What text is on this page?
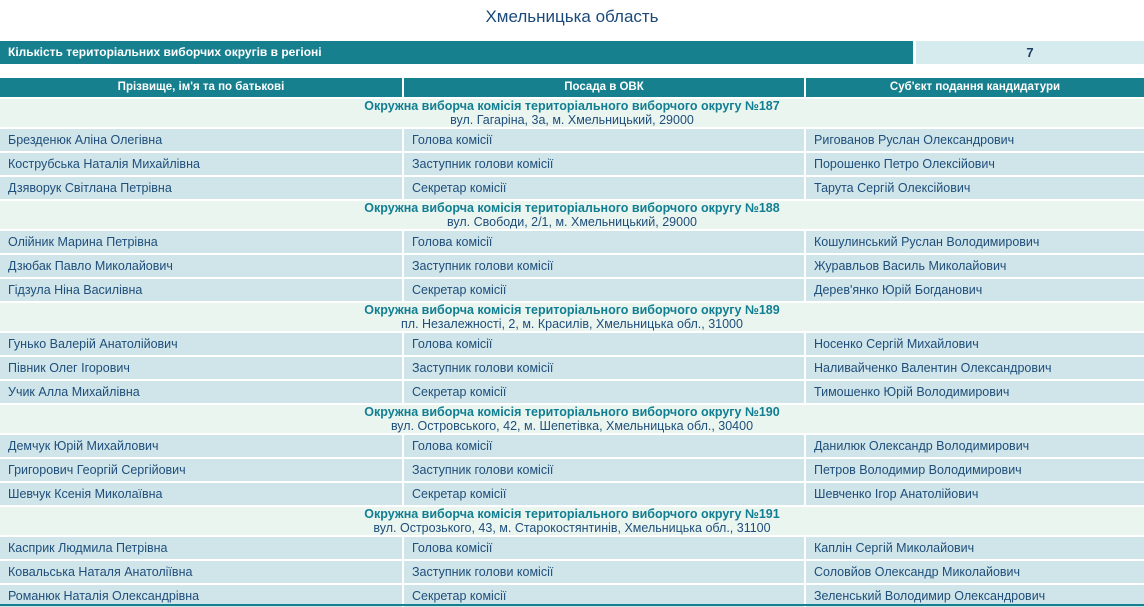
Хмельницька область
Кількість територіальних виборчих округів в регіоні	7
Прізвище, ім'я та по батькові	Посада в ОВК	Суб'єкт подання кандидатури
Окружна виборча комісія територіального виборчого округу №187
вул. Гагаріна, 3а, м. Хмельницький, 29000
Брезденюк Аліна Олегівна	Голова комісії	Ригованов Руслан Олександрович
Кострубська Наталія Михайлівна	Заступник голови комісії	Порошенко Петро Олексійович
Дзяворук Світлана Петрівна	Секретар комісії	Тарута Сергій Олексійович
Окружна виборча комісія територіального виборчого округу №188
вул. Свободи, 2/1, м. Хмельницький, 29000
Олійник Марина Петрівна	Голова комісії	Кошулинський Руслан Володимирович
Дзюбак Павло Миколайович	Заступник голови комісії	Журавльов Василь Миколайович
Гідзула Ніна Василівна	Секретар комісії	Дерев'янко Юрій Богданович
Окружна виборча комісія територіального виборчого округу №189
пл. Незалежності, 2, м. Красилів, Хмельницька обл., 31000
Гунько Валерій Анатолійович	Голова комісії	Носенко Сергій Михайлович
Півник Олег Ігорович	Заступник голови комісії	Наливайченко Валентин Олександрович
Учик Алла Михайлівна	Секретар комісії	Тимошенко Юрій Володимирович
Окружна виборча комісія територіального виборчого округу №190
вул. Островського, 42, м. Шепетівка, Хмельницька обл., 30400
Демчук Юрій Михайлович	Голова комісії	Данилюк Олександр Володимирович
Григорович Георгій Сергійович	Заступник голови комісії	Петров Володимир Володимирович
Шевчук Ксенія Миколаївна	Секретар комісії	Шевченко Ігор Анатолійович
Окружна виборча комісія територіального виборчого округу №191
вул. Острозького, 43, м. Старокостянтинів, Хмельницька обл., 31100
Касприк Людмила Петрівна	Голова комісії	Каплін Сергій Миколайович
Ковальська Наталя Анатоліївна	Заступник голови комісії	Соловйов Олександр Миколайович
Романюк Наталія Олександрівна	Секретар комісії	Зеленський Володимир Олександрович
